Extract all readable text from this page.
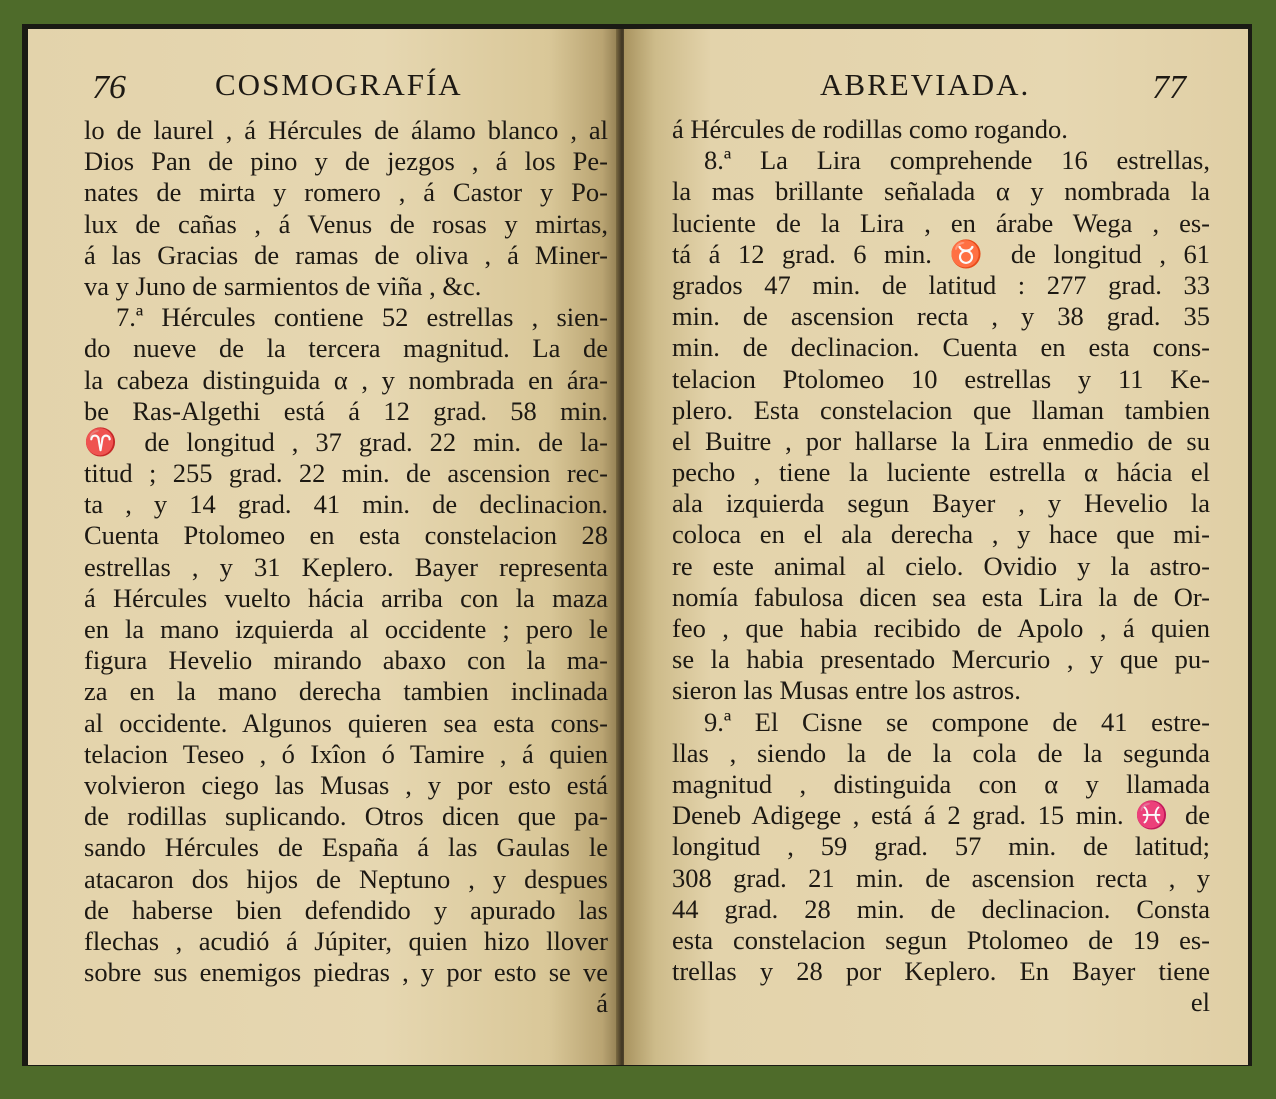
76	COSMOGRAFÍA
lo de laurel , á Hércules de álamo blanco , al
Dios Pan de pino y de jezgos , á los Pe-
nates de mirta y romero , á Castor y Po-
lux de cañas , á Venus de rosas y mirtas,
á las Gracias de ramas de oliva , á Miner-
va y Juno de sarmientos de viña , &c.
7.ª Hércules contiene 52 estrellas , sien-
do nueve de la tercera magnitud. La de
la cabeza distinguida α , y nombrada en ára-
be Ras-Algethi está á 12 grad. 58 min.
♈ de longitud , 37 grad. 22 min. de la-
titud ; 255 grad. 22 min. de ascension rec-
ta , y 14 grad. 41 min. de declinacion.
Cuenta Ptolomeo en esta constelacion 28
estrellas , y 31 Keplero. Bayer representa
á Hércules vuelto hácia arriba con la maza
en la mano izquierda al occidente ; pero le
figura Hevelio mirando abaxo con la ma-
za en la mano derecha tambien inclinada
al occidente. Algunos quieren sea esta cons-
telacion Teseo , ó Ixîon ó Tamire , á quien
volvieron ciego las Musas , y por esto está
de rodillas suplicando. Otros dicen que pa-
sando Hércules de España á las Gaulas le
atacaron dos hijos de Neptuno , y despues
de haberse bien defendido y apurado las
flechas , acudió á Júpiter, quien hizo llover
sobre sus enemigos piedras , y por esto se ve
á
ABREVIADA.	77
á Hércules de rodillas como rogando.
8.ª La Lira comprehende 16 estrellas,
la mas brillante señalada α y nombrada la
luciente de la Lira , en árabe Wega , es-
tá á 12 grad. 6 min. ♉ de longitud , 61
grados 47 min. de latitud : 277 grad. 33
min. de ascension recta , y 38 grad. 35
min. de declinacion. Cuenta en esta cons-
telacion Ptolomeo 10 estrellas y 11 Ke-
plero. Esta constelacion que llaman tambien
el Buitre , por hallarse la Lira enmedio de su
pecho , tiene la luciente estrella α hácia el
ala izquierda segun Bayer , y Hevelio la
coloca en el ala derecha , y hace que mi-
re este animal al cielo. Ovidio y la astro-
nomía fabulosa dicen sea esta Lira la de Or-
feo , que habia recibido de Apolo , á quien
se la habia presentado Mercurio , y que pu-
sieron las Musas entre los astros.
9.ª El Cisne se compone de 41 estre-
llas , siendo la de la cola de la segunda
magnitud , distinguida con α y llamada
Deneb Adigege , está á 2 grad. 15 min. ♓ de
longitud , 59 grad. 57 min. de latitud;
308 grad. 21 min. de ascension recta , y
44 grad. 28 min. de declinacion. Consta
esta constelacion segun Ptolomeo de 19 es-
trellas y 28 por Keplero. En Bayer tiene
el
